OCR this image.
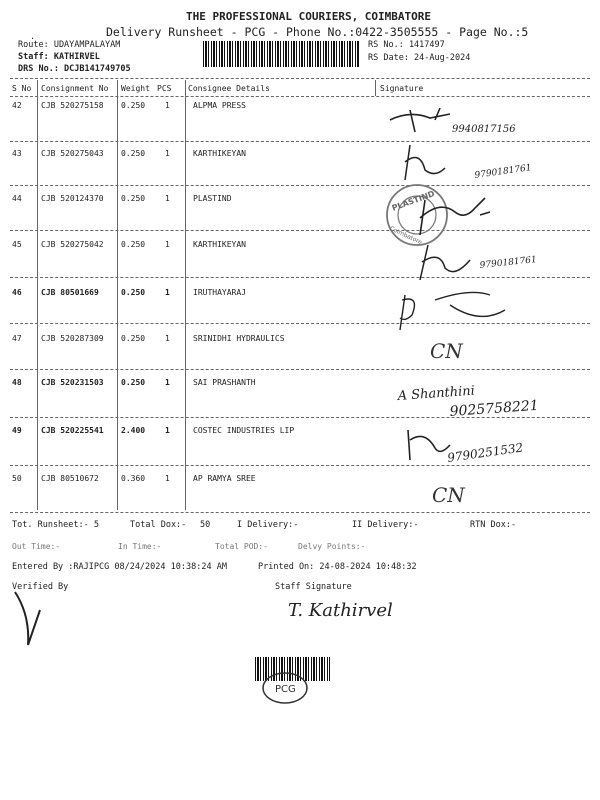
THE PROFESSIONAL COURIERS, COIMBATORE
Delivery Runsheet - PCG - Phone No.:0422-3505555 - Page No.:5
.
Route: UDAYAMPALAYAM
Staff: KATHIRVEL
DRS No.: DCJB141749705
RS No.: 1417497
RS Date: 24-Aug-2024
S No Consignment No Weight PCS Consignee Details	Signature
42 CJB 520275158 0.250 1	ALPMA PRESS
43 CJB 520275043 0.250 1	KARTHIKEYAN
44 CJB 520124370 0.250 1	PLASTIND
45 CJB 520275042 0.250 1	KARTHIKEYAN
46 CJB 80501669	0.250 1	IRUTHAYARAJ
47 CJB 520287309 0.250 1	SRINIDHI HYDRAULICS
48 CJB 520231503 0.250 1	SAI PRASHANTH
49 CJB 520225541 2.400 1	COSTEC INDUSTRIES LIP
50 CJB 80510672	0.360 1	AP RAMYA SREE
9940817156
9790181761
PLASTIND
Coimbatore
9790181761
CN
A Shanthini
9025758221
9790251532
CN
Tot. Runsheet:- 5	Total Dox:- 50	I Delivery:-	II Delivery:-	RTN Dox:-
Out Time:-	In Time:-	Total POD:-	Delvy Points:-
Entered By :RAJIPCG 08/24/2024 10:38:24 AM	Printed On: 24-08-2024 10:48:32
Verified By	Staff Signature
T. Kathirvel
PCG
